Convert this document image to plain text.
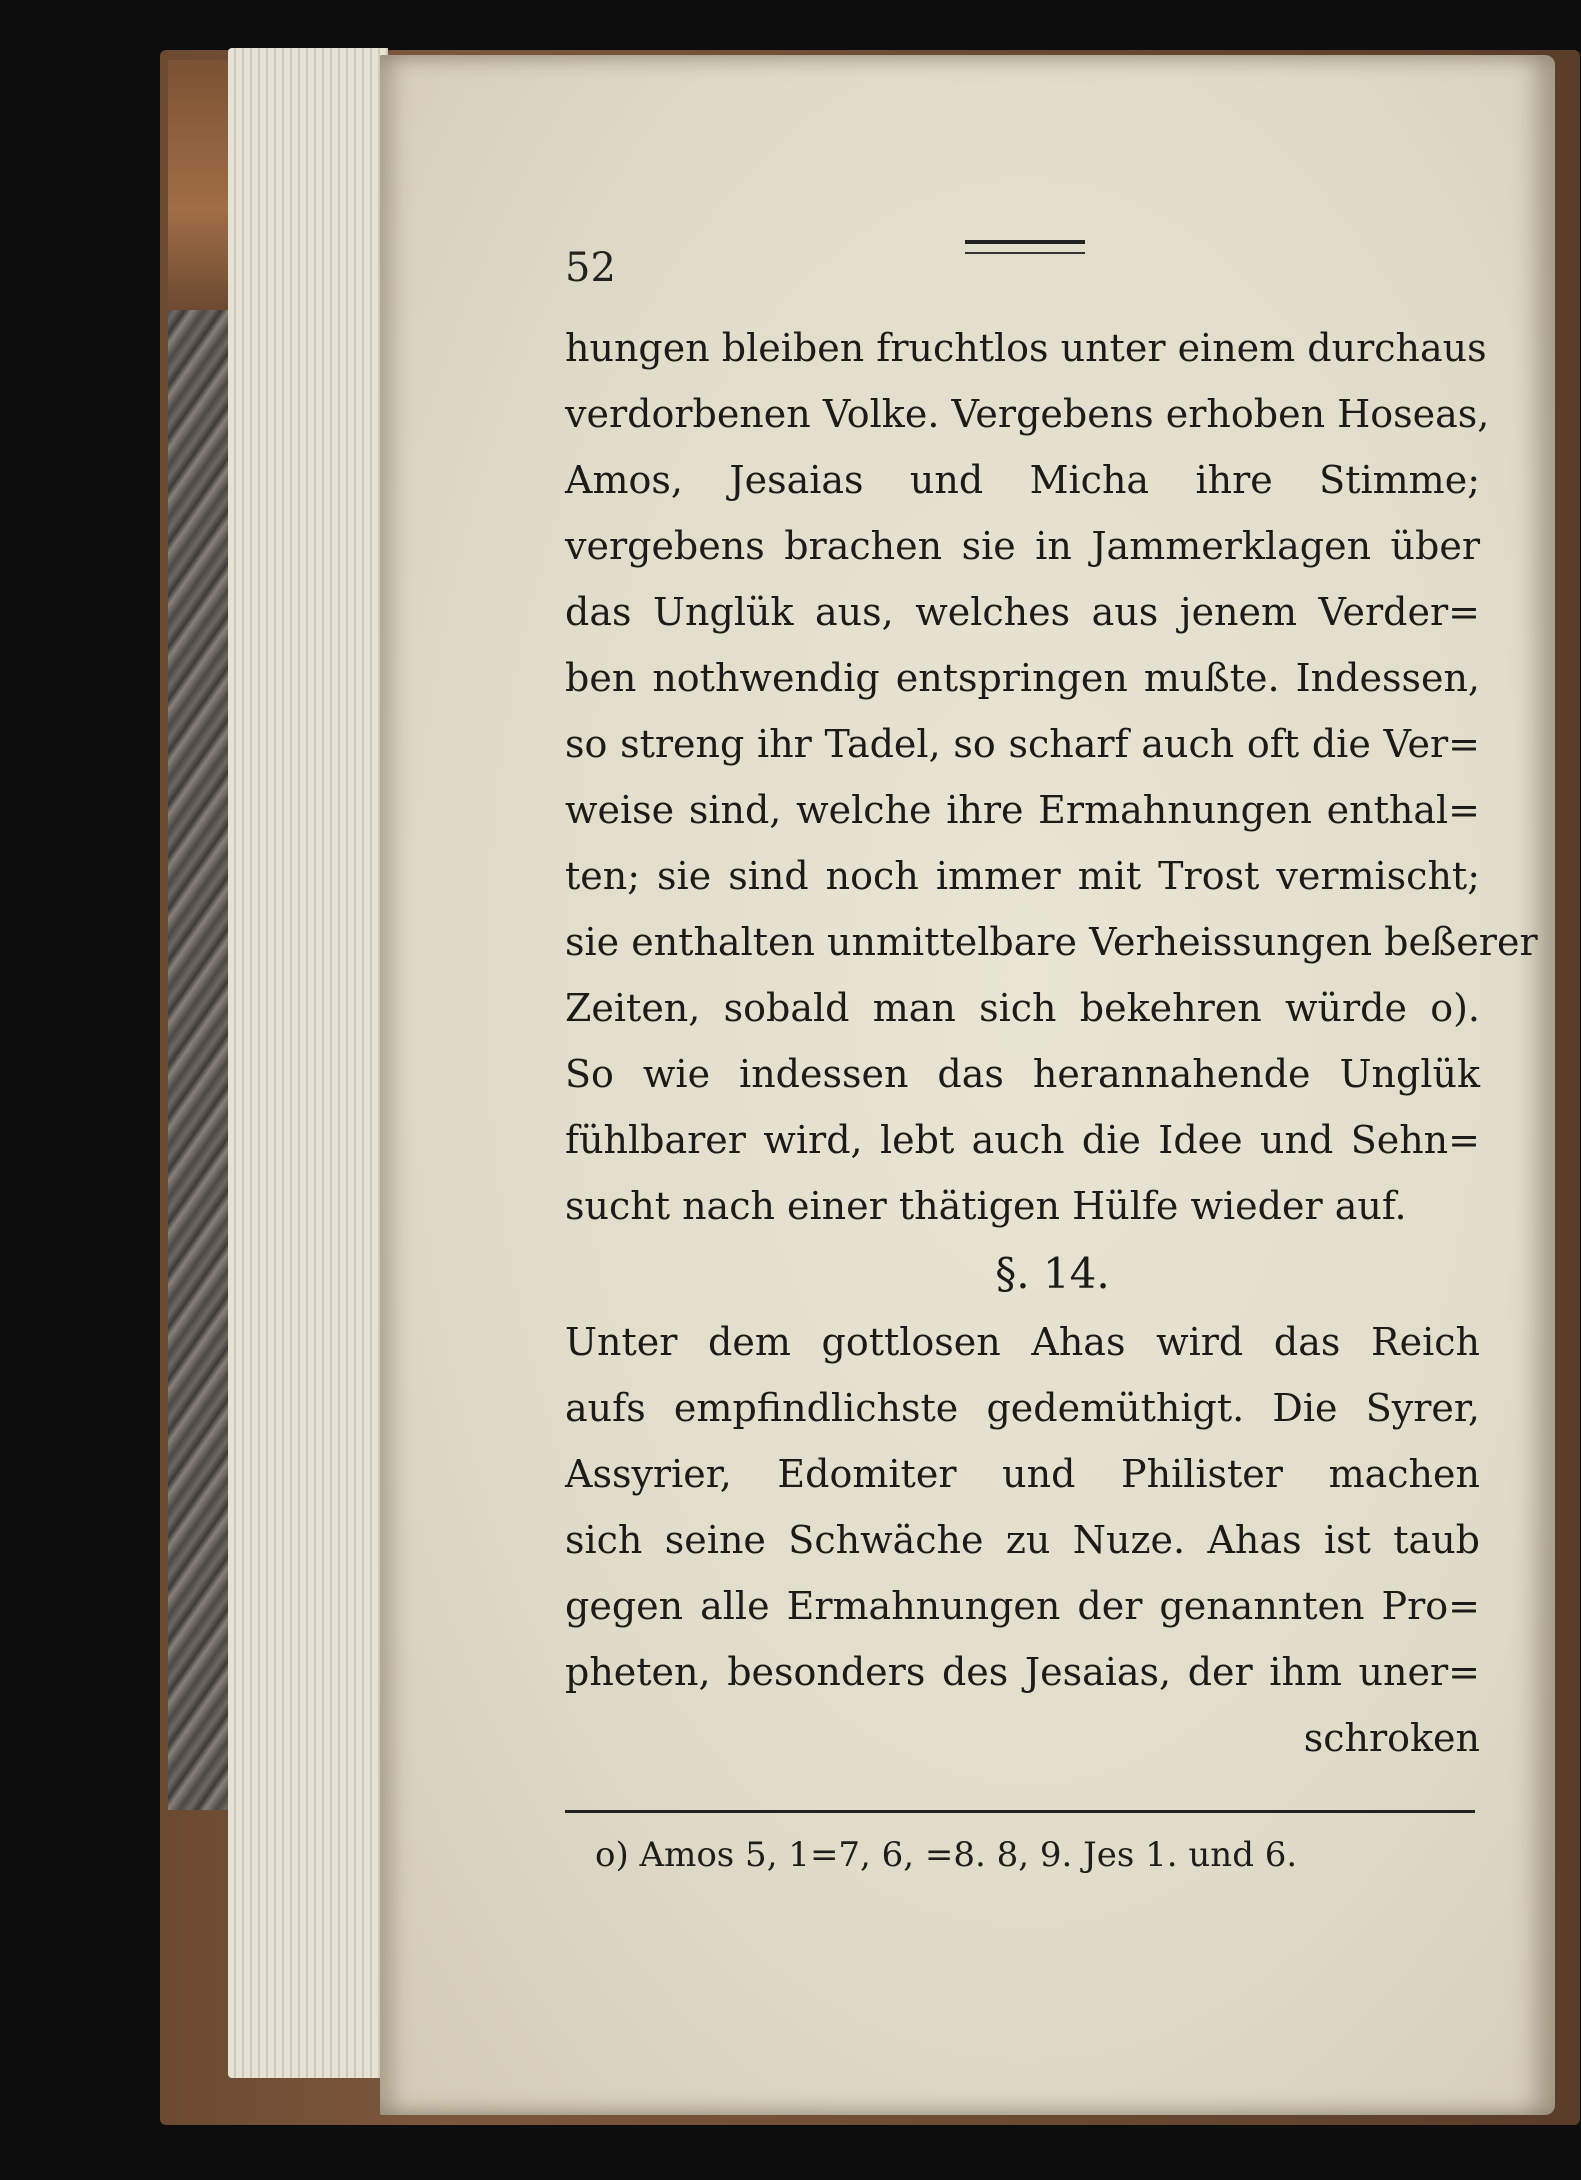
52
hungen bleiben fruchtlos unter einem durchaus
verdorbenen Volke. Vergebens erhoben Hoseas,
Amos, Jesaias und Micha ihre Stimme;
vergebens brachen sie in Jammerklagen über
das Unglük aus, welches aus jenem Verder=
ben nothwendig entspringen mußte. Indessen,
so streng ihr Tadel, so scharf auch oft die Ver=
weise sind, welche ihre Ermahnungen enthal=
ten; sie sind noch immer mit Trost vermischt;
sie enthalten unmittelbare Verheissungen beßerer
Zeiten, sobald man sich bekehren würde o).
So wie indessen das herannahende Unglük
fühlbarer wird, lebt auch die Idee und Sehn=
sucht nach einer thätigen Hülfe wieder auf.
§. 14.
Unter dem gottlosen Ahas wird das Reich
aufs empfindlichste gedemüthigt. Die Syrer,
Assyrier, Edomiter und Philister machen
sich seine Schwäche zu Nuze. Ahas ist taub
gegen alle Ermahnungen der genannten Pro=
pheten, besonders des Jesaias, der ihm uner=
schroken
o) Amos 5, 1=7, 6, =8. 8, 9. Jes 1. und 6.
